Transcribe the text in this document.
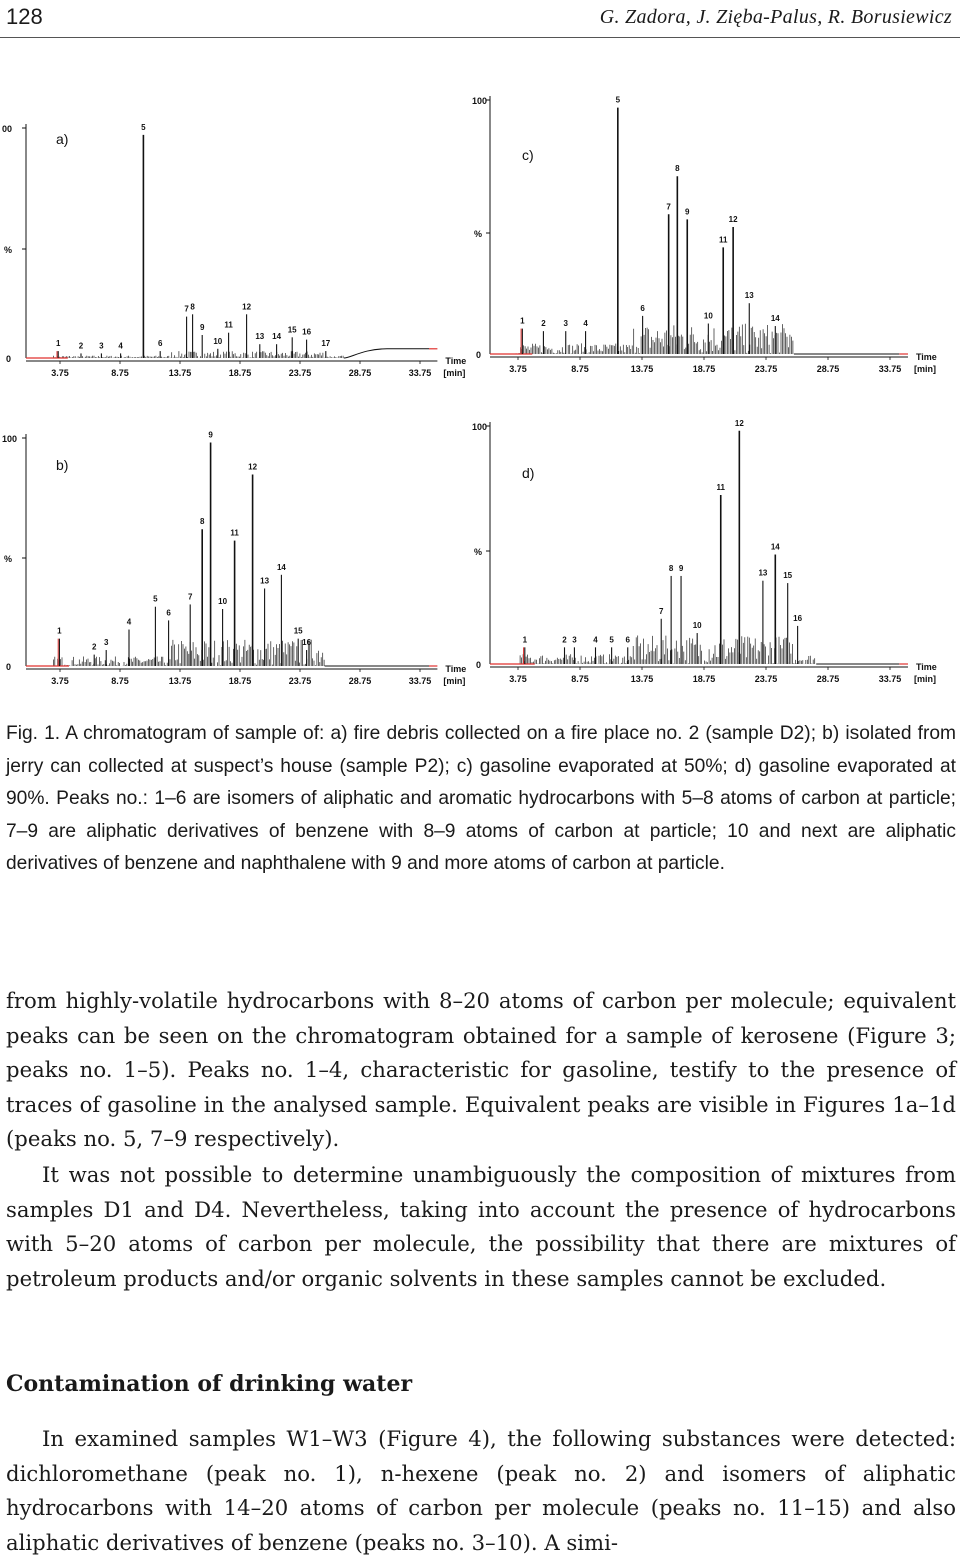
128	G. Zadora, J. Zięba-Palus, R. Borusiewicz
00
%
0
a)
3.75	8.75	13.75	18.75	23.75	28.75	33.75 [min]
Time
1 2 3 4
5
6
7 8
9
10
11
12
13 14
15 16
17
100
%
0
b)
3.75	8.75	13.75	18.75	23.75	28.75	33.75 [min]
Time
1
2
3
4
5
6
7
8
9
10
11
12
13
14
15
16
100
%
0
c)
3.75	8.75	13.75	18.75	23.75	28.75	33.75 [min]
Time
1 2 3 4
5
6
7
8
9
10
11
12
13
14
100
%
0
d)
3.75	8.75	13.75	18.75	23.75	28.75	33.75 [min]
Time
1	2 3 4 5 6
7
8 9
10
11
12
13
14
15
16

Fig. 1. A chromatogram of sample of: a) fire debris collected on a fire place no. 2 (sample D2); b) isolated from jerry can collected at suspect’s house (sample P2); c) gasoline evaporated at 50%; d) gasoline evaporated at 90%. Peaks no.: 1–6 are isomers of aliphatic and aromatic hydrocarbons with 5–8 atoms of carbon at particle; 7–9 are aliphatic derivatives of benzene with 8–9 atoms of carbon at particle; 10 and next are aliphatic derivatives of benzene and naphthalene with 9 and more atoms of carbon at particle.

from highly-volatile hydrocarbons with 8–20 atoms of carbon per molecule; equivalent peaks can be seen on the chromatogram obtained for a sample of kerosene (Figure 3; peaks no. 1–5). Peaks no. 1–4, characteristic for gasoline, testify to the presence of traces of gasoline in the analysed sample. Equivalent peaks are visible in Figures 1a–1d (peaks no. 5, 7–9 respectively).

It was not possible to determine unambiguously the composition of mixtures from samples D1 and D4. Nevertheless, taking into account the presence of hydrocarbons with 5–20 atoms of carbon per molecule, the possibility that there are mixtures of petroleum products and/or organic solvents in these samples cannot be excluded.

Contamination of drinking water

In examined samples W1–W3 (Figure 4), the following substances were detected: dichloromethane (peak no. 1), n-hexene (peak no. 2) and isomers of aliphatic hydrocarbons with 14–20 atoms of carbon per molecule (peaks no. 11–15) and also aliphatic derivatives of benzene (peaks no. 3–10). A simi-
